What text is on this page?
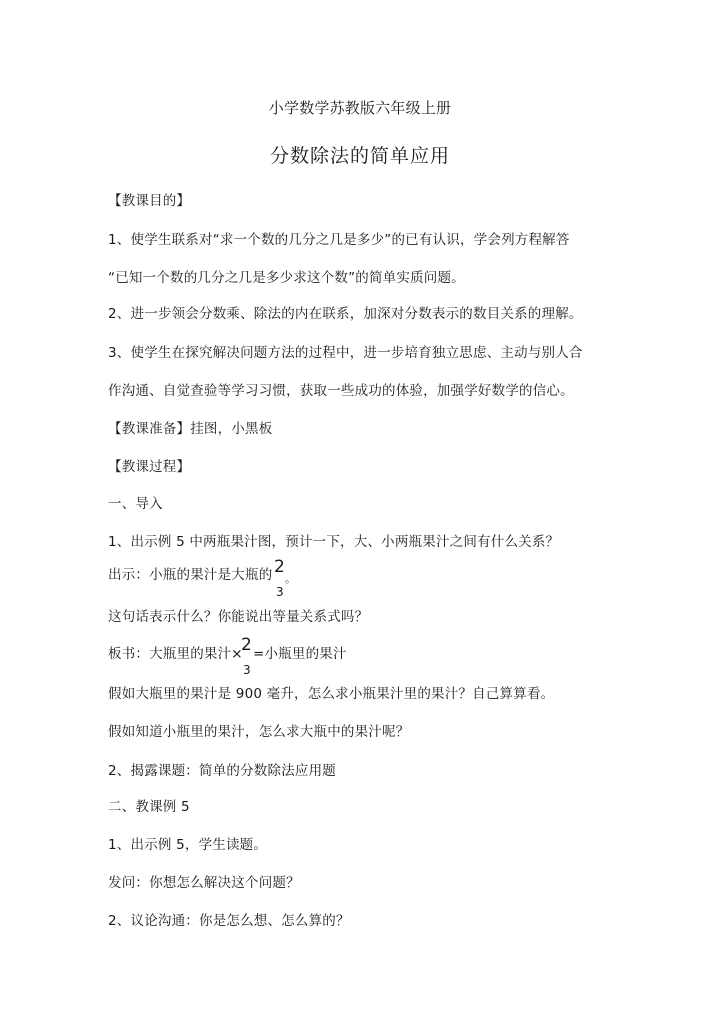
小学数学苏教版六年级上册
分数除法的简单应用
【教课目的】
1、使学生联系对“求一个数的几分之几是多少”的已有认识，学会列方程解答
“已知一个数的几分之几是多少求这个数”的简单实质问题。
2、进一步领会分数乘、除法的内在联系，加深对分数表示的数目关系的理解。
3、使学生在探究解决问题方法的过程中，进一步培育独立思虑、主动与别人合
作沟通、自觉查验等学习习惯，获取一些成功的体验，加强学好数学的信心。
【教课准备】挂图，小黑板
【教课过程】
一、导入
1、出示例 5 中两瓶果汁图，预计一下，大、小两瓶果汁之间有什么关系？
出示：小瓶的果汁是大瓶的 2
3
。
这句话表示什么？你能说出等量关系式吗？
板书：大瓶里的果汁×
2
3
=小瓶里的果汁
假如大瓶里的果汁是 900 毫升，怎么求小瓶果汁里的果汁？自己算算看。
假如知道小瓶里的果汁，怎么求大瓶中的果汁呢？
2、揭露课题：简单的分数除法应用题
二、教课例 5
1、出示例 5，学生读题。
发问：你想怎么解决这个问题？
2、议论沟通：你是怎么想、怎么算的？
